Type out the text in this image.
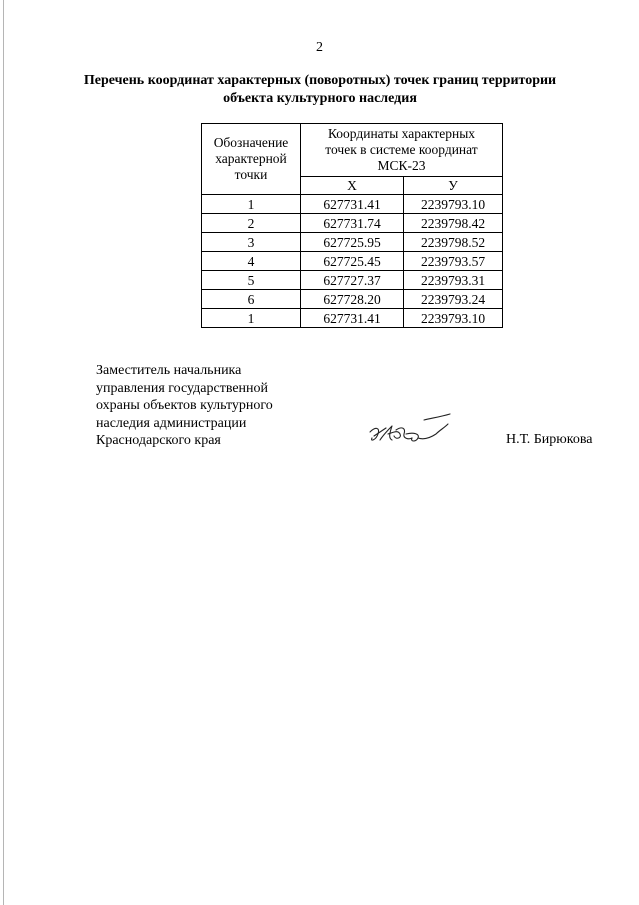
2
Перечень координат характерных (поворотных) точек границ территории
объекта культурного наследия
Обозначение
характерной
точки	Координаты характерных
точек в системе координат
МСК-23	

	Х	У
1	627731.41	2239793.10
2	627731.74	2239798.42
3	627725.95	2239798.52
4	627725.45	2239793.57
5	627727.37	2239793.31
6	627728.20	2239793.24
1	627731.41	2239793.10
Заместитель начальника
управления государственной
охраны объектов культурного
наследия администрации
Краснодарского края	Н.Т. Бирюкова
